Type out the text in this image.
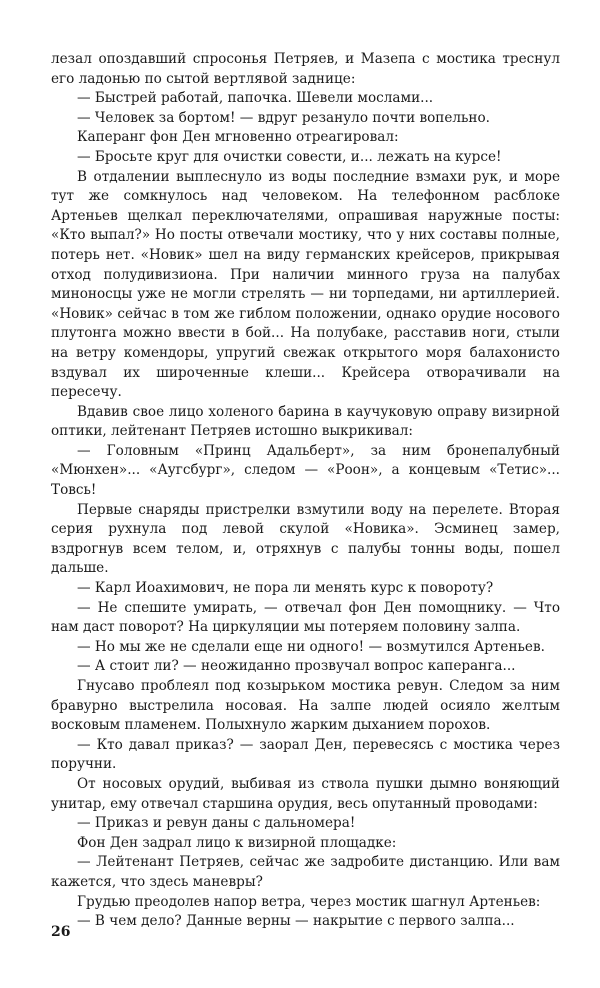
лезал опоздавший спросонья Петряев, и Мазепа с мостика треснул его ладонью по сытой вертлявой заднице:

— Быстрей работай, папочка. Шевели мослами...

— Человек за бортом! — вдруг резануло почти вопельно.

Каперанг фон Ден мгновенно отреагировал:

— Бросьте круг для очистки совести, и... лежать на курсе!

В отдалении выплеснуло из воды последние взмахи рук, и море тут же сомкнулось над человеком. На телефонном расблоке Артеньев щелкал переключателями, опрашивая наружные посты: «Кто выпал?» Но посты отвечали мостику, что у них составы полные, потерь нет. «Новик» шел на виду германских крейсеров, прикрывая отход полудивизиона. При наличии минного груза на палубах миноносцы уже не могли стрелять — ни торпедами, ни артиллерией. «Новик» сейчас в том же гиблом положении, однако орудие носового плутонга можно ввести в бой... На полубаке, расставив ноги, стыли на ветру комендоры, упругий свежак открытого моря балахонисто вздувал их широченные клеши... Крейсера отворачивали на пересечу.

Вдавив свое лицо холеного барина в каучуковую оправу визирной оптики, лейтенант Петряев истошно выкрикивал:

— Головным «Принц Адальберт», за ним бронепалубный «Мюнхен»... «Аугсбург», следом — «Роон», а концевым «Тетис»... Товсь!

Первые снаряды пристрелки взмутили воду на перелете. Вторая серия рухнула под левой скулой «Новика». Эсминец замер, вздрогнув всем телом, и, отряхнув с палубы тонны воды, пошел дальше.

— Карл Иоахимович, не пора ли менять курс к повороту?

— Не спешите умирать, — отвечал фон Ден помощнику. — Что нам даст поворот? На циркуляции мы потеряем половину залпа.

— Но мы же не сделали еще ни одного! — возмутился Артеньев.

— А стоит ли? — неожиданно прозвучал вопрос каперанга...

Гнусаво проблеял под козырьком мостика ревун. Следом за ним бравурно выстрелила носовая. На залпе людей осияло желтым восковым пламенем. Полыхнуло жарким дыханием порохов.

— Кто давал приказ? — заорал Ден, перевесясь с мостика через поручни.

От носовых орудий, выбивая из ствола пушки дымно воняющий унитар, ему отвечал старшина орудия, весь опутанный проводами:

— Приказ и ревун даны с дальномера!

Фон Ден задрал лицо к визирной площадке:

— Лейтенант Петряев, сейчас же задробите дистанцию. Или вам кажется, что здесь маневры?

Грудью преодолев напор ветра, через мостик шагнул Артеньев:

— В чем дело? Данные верны — накрытие с первого залпа...

26
